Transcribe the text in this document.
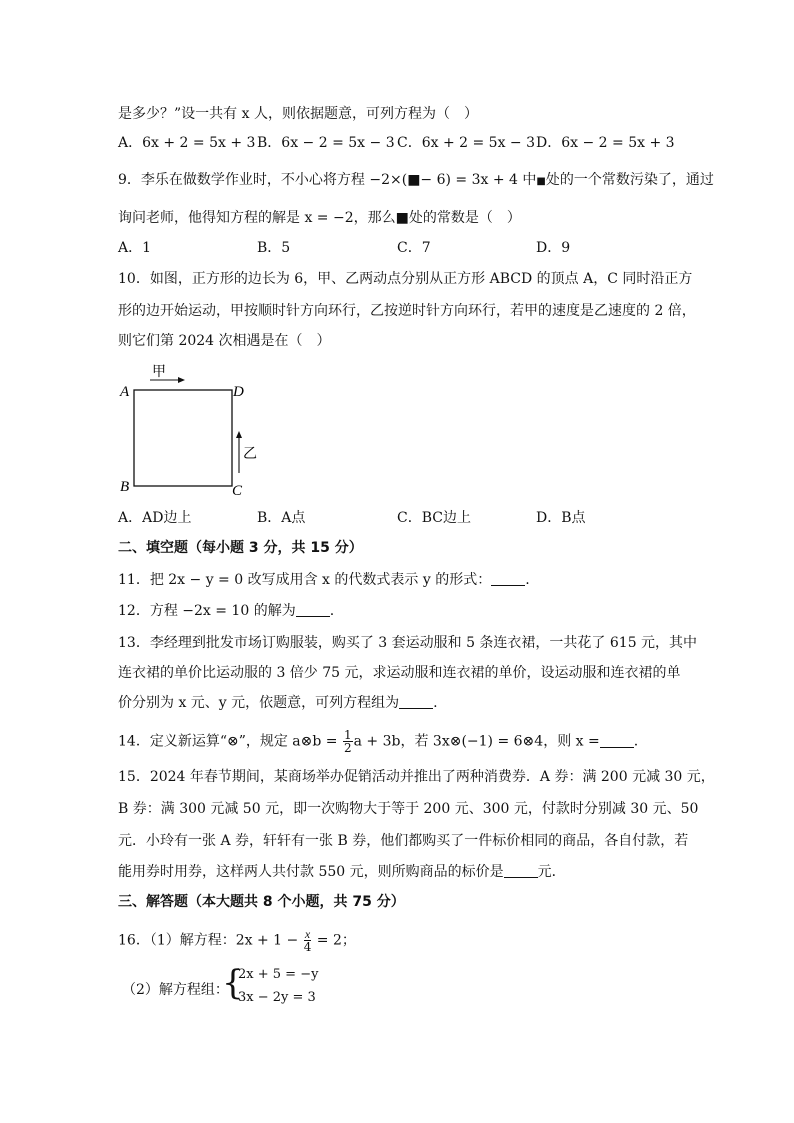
是多少？”设一共有 x 人，则依据题意，可列方程为（　）
A．6x + 2 = 5x + 3 B．6x − 2 = 5x − 3 C．6x + 2 = 5x − 3 D．6x − 2 = 5x + 3
9．李乐在做数学作业时，不小心将方程 −2×(■− 6) = 3x + 4 中■处的一个常数污染了，通过
询问老师，他得知方程的解是 x = −2，那么■处的常数是（　）
A．1	B．5	C．7	D．9
10．如图，正方形的边长为 6，甲、乙两动点分别从正方形 ABCD 的顶点 A，C 同时沿正方
形的边开始运动，甲按顺时针方向环行，乙按逆时针方向环行，若甲的速度是乙速度的 2 倍，
则它们第 2024 次相遇是在（　）
甲
乙
A	D
B	C
A．AD边上	B．A点	C．BC边上	D．B点
二、填空题（每小题 3 分，共 15 分）
11．把 2x − y = 0 改写成用含 x 的代数式表示 y 的形式： .
12．方程 −2x = 10 的解为 .
13．李经理到批发市场订购服装，购买了 3 套运动服和 5 条连衣裙，一共花了 615 元，其中
连衣裙的单价比运动服的 3 倍少 75 元，求运动服和连衣裙的单价，设运动服和连衣裙的单
价分别为 x 元、y 元，依题意，可列方程组为 .
14．定义新运算“⊗”，规定 a⊗b = $\frac{1}{2}$ a + 3b，若 3x⊗(−1) = 6⊗4，则 x = .
15．2024 年春节期间，某商场举办促销活动并推出了两种消费券．A 券：满 200 元减 30 元，
B 券：满 300 元减 50 元，即一次购物大于等于 200 元、300 元，付款时分别减 30 元、50
元．小玲有一张 A 券，轩轩有一张 B 券，他们都购买了一件标价相同的商品，各自付款，若
能用券时用券，这样两人共付款 550 元，则所购商品的标价是 元．
三、解答题（本大题共 8 个小题，共 75 分）
16．（1）解方程：$2x + 1 - \frac{x}{4} = 2$；
（2）解方程组：
{
2x + 5 = −y
3x − 2y = 3
